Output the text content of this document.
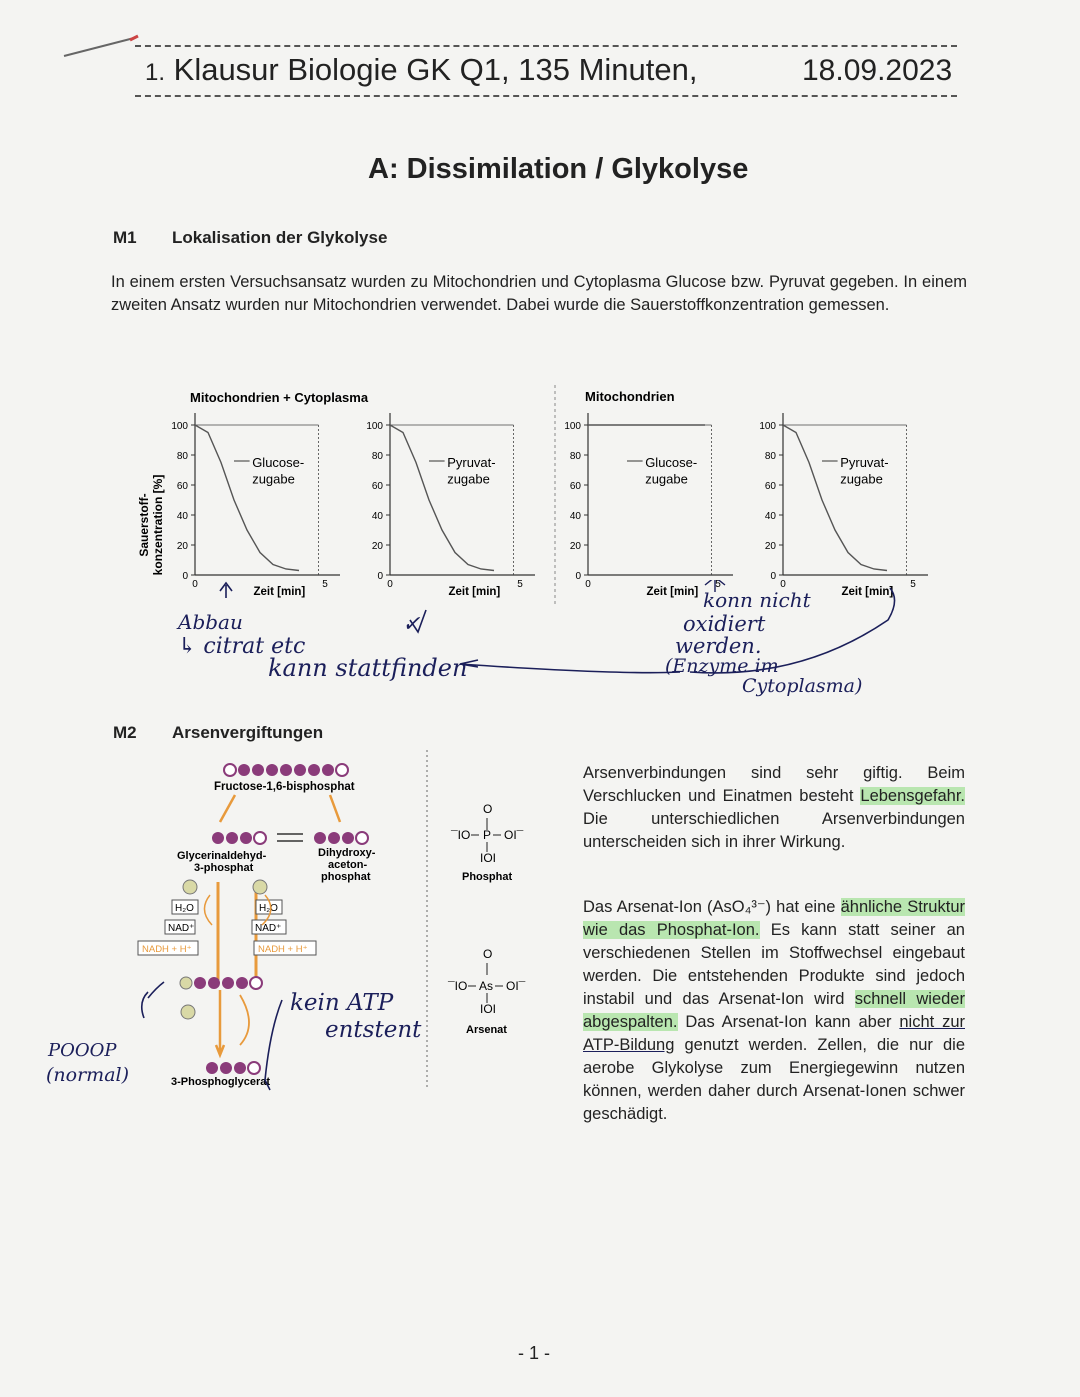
1. Klausur Biologie GK Q1, 135 Minuten,	18.09.2023
A: Dissimilation / Glykolyse
M1 Lokalisation der Glykolyse
In einem ersten Versuchsansatz wurden zu Mitochondrien und Cytoplasma Glucose bzw. Pyruvat gegeben. In einem zweiten Ansatz wurden nur Mitochondrien verwendet. Dabei wurde die Sauerstoffkonzentration gemessen.
Mitochondrien + Cytoplasma	Mitochondrien
Sauerstoff- konzentration [%]
0
20
40
60
80
100
0	5
Zeit [min]
Glucose-
zugabe
0
20
40
60
80
100
0	5
Zeit [min]
Pyruvat-
zugabe
0
20
40
60
80
100
0	5
Zeit [min]
Glucose-
zugabe
0
20
40
60
80
100
0	5
Zeit [min]
Pyruvat-
zugabe
Abbau
↳ citrat etc
kann stattfinden
konn nicht
oxidiert
werden.
(Enzyme im
Cytoplasma)
M2 Arsenvergiftungen
Fructose-1,6-bisphosphat
Glycerinaldehyd-
3-phosphat
Dihydroxy-
aceton-
phosphat
H₂O	H₂O
NAD⁺	NAD⁺
NADH + H⁺	NADH + H⁺
3-Phosphoglycerat
O
¯IO P OI¯
IOI
Phosphat
O
¯IO As OI¯
IOI
Arsenat
kein ATP
entstent
POOOP
(normal)
✓
Arsenverbindungen sind sehr giftig. Beim Verschlucken und Einatmen besteht Lebensgefahr. Die unterschiedlichen Arsenverbindungen unterscheiden sich in ihrer Wirkung.
Das Arsenat-Ion (AsO₄³⁻) hat eine ähnliche Struktur wie das Phosphat-Ion. Es kann statt seiner an verschiedenen Stellen im Stoffwechsel eingebaut werden. Die entstehenden Produkte sind jedoch instabil und das Arsenat-Ion wird schnell wieder abgespalten. Das Arsenat-Ion kann aber nicht zur ATP-Bildung genutzt werden. Zellen, die nur die aerobe Glykolyse zum Energiegewinn nutzen können, werden daher durch Arsenat-Ionen schwer geschädigt.
- 1 -
